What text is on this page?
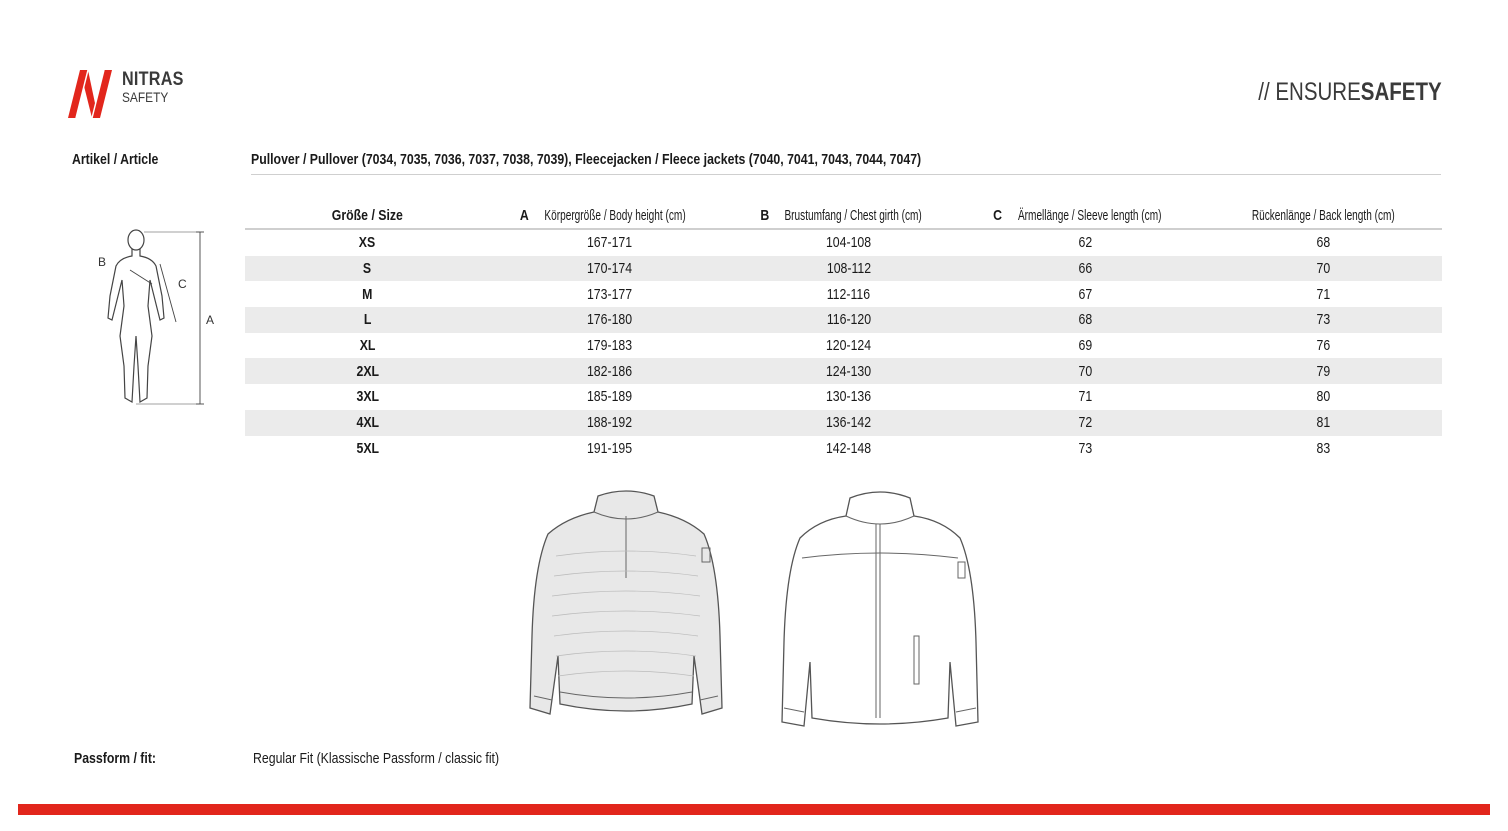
NITRAS
SAFETY	// ENSURESAFETY
Artikel / Article	Pullover / Pullover (7034, 7035, 7036, 7037, 7038, 7039), Fleecejacken / Fleece jackets (7040, 7041, 7043, 7044, 7047)
B
C
A
Größe / Size	AKörpergröße / Body height (cm)	BBrustumfang / Chest girth (cm)	CÄrmellänge / Sleeve length (cm)	Rückenlänge / Back length (cm)
XS	167-171	104-108	62	68
S	170-174	108-112	66	70
M	173-177	112-116	67	71
L	176-180	116-120	68	73
XL	179-183	120-124	69	76
2XL	182-186	124-130	70	79
3XL	185-189	130-136	71	80
4XL	188-192	136-142	72	81
5XL	191-195	142-148	73	83
Passform / fit:	Regular Fit (Klassische Passform / classic fit)
